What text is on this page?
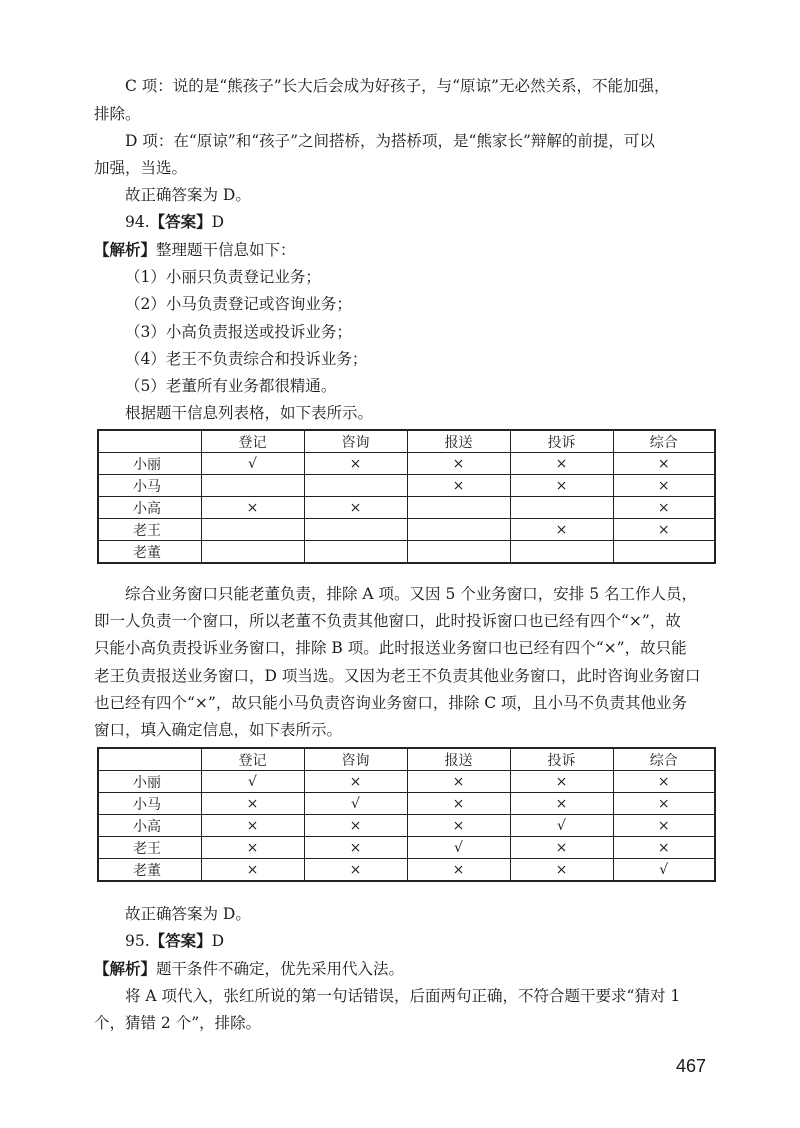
C 项：说的是“熊孩子”长大后会成为好孩子，与“原谅”无必然关系，不能加强，
排除。
D 项：在“原谅”和“孩子”之间搭桥，为搭桥项，是“熊家长”辩解的前提，可以
加强，当选。
故正确答案为 D。
94.【答案】D
【解析】整理题干信息如下：
（1）小丽只负责登记业务；
（2）小马负责登记或咨询业务；
（3）小高负责报送或投诉业务；
（4）老王不负责综合和投诉业务；
（5）老董所有业务都很精通。
根据题干信息列表格，如下表所示。
	登记	咨询	报送	投诉	综合
小丽	√	×	×	×	×
小马			×	×	×
小高	×	×			×
老王				×	×
老董					
综合业务窗口只能老董负责，排除 A 项。又因 5 个业务窗口，安排 5 名工作人员，
即一人负责一个窗口，所以老董不负责其他窗口，此时投诉窗口也已经有四个“×”，故
只能小高负责投诉业务窗口，排除 B 项。此时报送业务窗口也已经有四个“×”，故只能
老王负责报送业务窗口，D 项当选。又因为老王不负责其他业务窗口，此时咨询业务窗口
也已经有四个“×”，故只能小马负责咨询业务窗口，排除 C 项，且小马不负责其他业务
窗口，填入确定信息，如下表所示。
	登记	咨询	报送	投诉	综合
小丽	√	×	×	×	×
小马	×	√	×	×	×
小高	×	×	×	√	×
老王	×	×	√	×	×
老董	×	×	×	×	√
故正确答案为 D。
95.【答案】D
【解析】题干条件不确定，优先采用代入法。
将 A 项代入，张红所说的第一句话错误，后面两句正确，不符合题干要求“猜对 1
个，猜错 2 个”，排除。
467
